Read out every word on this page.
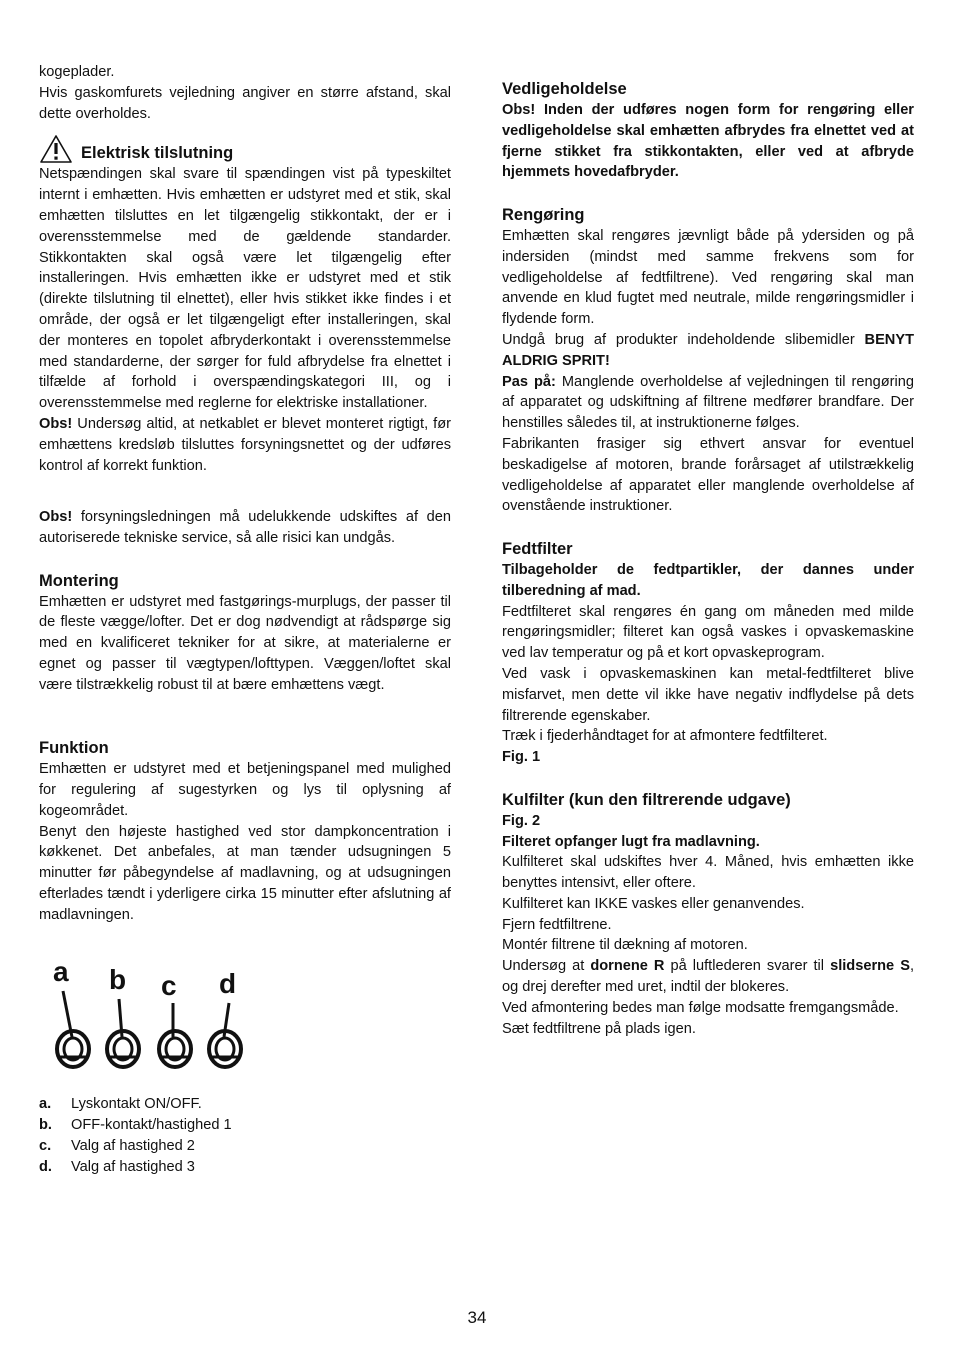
kogeplader.

Hvis gaskomfurets vejledning angiver en større afstand, skal dette overholdes.

Elektrisk tilslutning

Netspændingen skal svare til spændingen vist på typeskiltet internt i emhætten. Hvis emhætten er udstyret med et stik, skal emhætten tilsluttes en let tilgængelig stikkontakt, der er i overensstemmelse med de gældende standarder. Stikkontakten skal også være let tilgængelig efter installeringen. Hvis emhætten ikke er udstyret med et stik (direkte tilslutning til elnettet), eller hvis stikket ikke findes i et område, der også er let tilgængeligt efter installeringen, skal der monteres en topolet afbryderkontakt i overensstemmelse med standarderne, der sørger for fuld afbrydelse fra elnettet i tilfælde af forhold i overspændingskategori III, og i overensstemmelse med reglerne for elektriske installationer.

Obs! Undersøg altid, at netkablet er blevet monteret rigtigt, før emhættens kredsløb tilsluttes forsyningsnettet og der udføres kontrol af korrekt funktion.

Obs! forsyningsledningen må udelukkende udskiftes af den autoriserede tekniske service, så alle risici kan undgås.

Montering

Emhætten er udstyret med fastgørings-murplugs, der passer til de fleste vægge/lofter. Det er dog nødvendigt at rådspørge sig med en kvalificeret tekniker for at sikre, at materialerne er egnet og passer til vægtypen/lofttypen. Væggen/loftet skal være tilstrækkelig robust til at bære emhættens vægt.

Funktion

Emhætten er udstyret med et betjeningspanel med mulighed for regulering af sugestyrken og lys til oplysning af kogeområdet.

Benyt den højeste hastighed ved stor dampkoncentration i køkkenet. Det anbefales, at man tænder udsugningen 5 minutter før påbegyndelse af madlavning, og at udsugningen efterlades tændt i yderligere cirka 15 minutter efter afslutning af madlavningen.

a b c d
a.	Lyskontakt ON/OFF.
b.	OFF-kontakt/hastighed 1
c.	Valg af hastighed 2
d.	Valg af hastighed 3
Vedligeholdelse

Obs! Inden der udføres nogen form for rengøring eller vedligeholdelse skal emhætten afbrydes fra elnettet ved at fjerne stikket fra stikkontakten, eller ved at afbryde hjemmets hovedafbryder.

Rengøring

Emhætten skal rengøres jævnligt både på ydersiden og på indersiden (mindst med samme frekvens som for vedligeholdelse af fedtfiltrene). Ved rengøring skal man anvende en klud fugtet med neutrale, milde rengøringsmidler i flydende form.

Undgå brug af produkter indeholdende slibemidler BENYT ALDRIG SPRIT!

Pas på: Manglende overholdelse af vejledningen til rengøring af apparatet og udskiftning af filtrene medfører brandfare. Der henstilles således til, at instruktionerne følges.

Fabrikanten frasiger sig ethvert ansvar for eventuel beskadigelse af motoren, brande forårsaget af utilstrækkelig vedligeholdelse af apparatet eller manglende overholdelse af ovenstående instruktioner.

Fedtfilter

Tilbageholder de fedtpartikler, der dannes under tilberedning af mad.

Fedtfilteret skal rengøres én gang om måneden med milde rengøringsmidler; filteret kan også vaskes i opvaskemaskine ved lav temperatur og på et kort opvaskeprogram.

Ved vask i opvaskemaskinen kan metal-fedtfilteret blive misfarvet, men dette vil ikke have negativ indflydelse på dets filtrerende egenskaber.

Træk i fjederhåndtaget for at afmontere fedtfilteret.

Fig. 1

Kulfilter (kun den filtrerende udgave)

Fig. 2

Filteret opfanger lugt fra madlavning.

Kulfilteret skal udskiftes hver 4. Måned, hvis emhætten ikke benyttes intensivt, eller oftere.

Kulfilteret kan IKKE vaskes eller genanvendes.

Fjern fedtfiltrene.

Montér filtrene til dækning af motoren.

Undersøg at dornene R på luftlederen svarer til slidserne S, og drej derefter med uret, indtil der blokeres.

Ved afmontering bedes man følge modsatte fremgangsmåde.

Sæt fedtfiltrene på plads igen.

34
